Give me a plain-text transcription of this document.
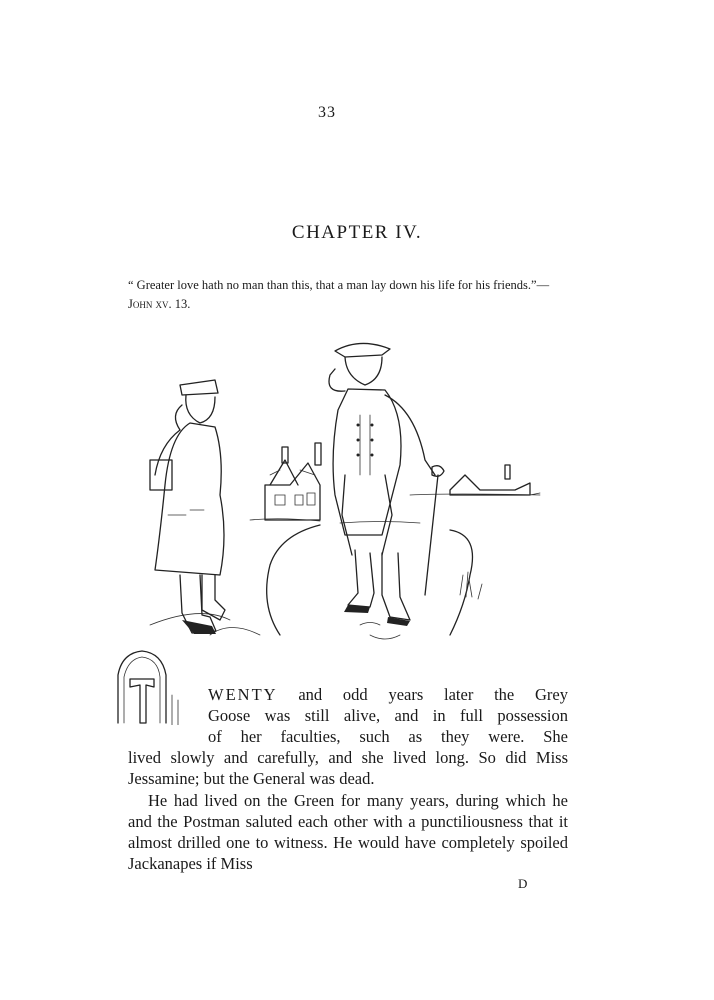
33
CHAPTER IV.
“ Greater love hath no man than this, that a man lay down his life for his friends.”—John xv. 13.

WENTY and odd years later the Grey
Goose was still alive, and in full possession
of her faculties, such as they were. She
lived slowly and carefully, and she lived long. So did Miss Jessamine; but the General was dead.

He had lived on the Green for many years, during which he and the Postman saluted each other with a punctiliousness that it almost drilled one to witness. He would have completely spoiled Jackanapes if Miss

D
